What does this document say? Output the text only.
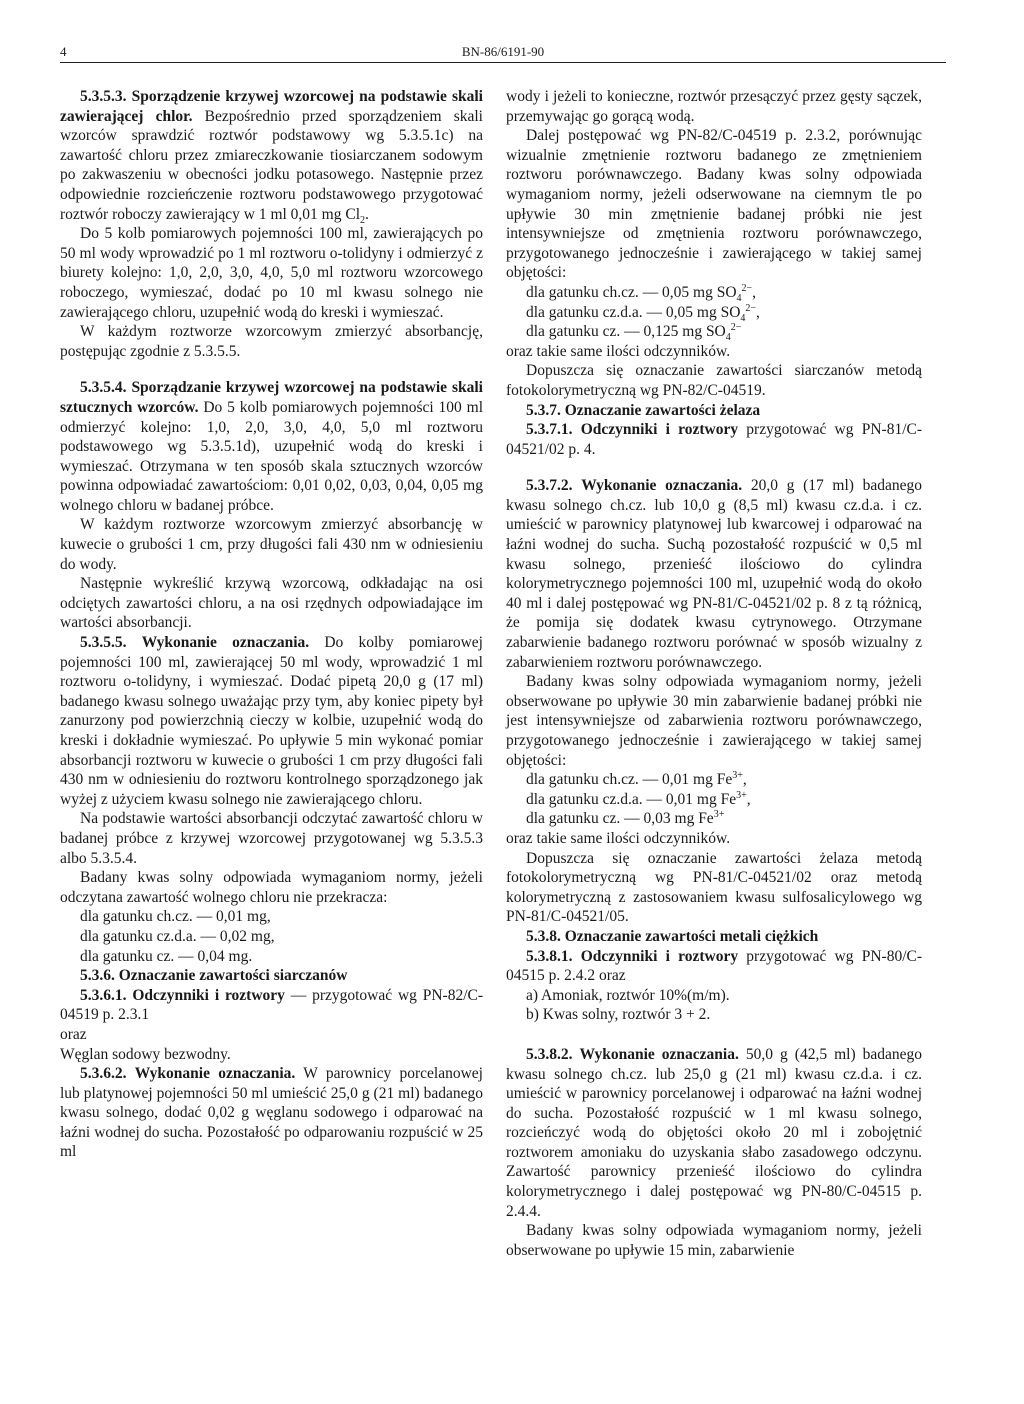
4	BN-86/6191-90

5.3.5.3. Sporządzenie krzywej wzorcowej na podstawie skali zawierającej chlor. Bezpośrednio przed sporządzeniem skali wzorców sprawdzić roztwór podstawowy wg 5.3.5.1c) na zawartość chloru przez zmiareczkowanie tiosiarczanem sodowym po zakwaszeniu w obecności jodku potasowego. Następnie przez odpowiednie rozcieńczenie roztworu podstawowego przygotować roztwór roboczy zawierający w 1 ml 0,01 mg $Cl_2$.

Do 5 kolb pomiarowych pojemności 100 ml, zawierających po 50 ml wody wprowadzić po 1 ml roztworu o-tolidyny i odmierzyć z biurety kolejno: 1,0, 2,0, 3,0, 4,0, 5,0 ml roztworu wzorcowego roboczego, wymieszać, dodać po 10 ml kwasu solnego nie zawierającego chloru, uzupełnić wodą do kreski i wymieszać.

W każdym roztworze wzorcowym zmierzyć absorbancję, postępując zgodnie z 5.3.5.5.

5.3.5.4. Sporządzanie krzywej wzorcowej na podstawie skali sztucznych wzorców. Do 5 kolb pomiarowych pojemności 100 ml odmierzyć kolejno: 1,0, 2,0, 3,0, 4,0, 5,0 ml roztworu podstawowego wg 5.3.5.1d), uzupełnić wodą do kreski i wymieszać. Otrzymana w ten sposób skala sztucznych wzorców powinna odpowiadać zawartościom: 0,01 0,02, 0,03, 0,04, 0,05 mg wolnego chloru w badanej próbce.

W każdym roztworze wzorcowym zmierzyć absorbancję w kuwecie o grubości 1 cm, przy długości fali 430 nm w odniesieniu do wody.

Następnie wykreślić krzywą wzorcową, odkładając na osi odciętych zawartości chloru, a na osi rzędnych odpowiadające im wartości absorbancji.

5.3.5.5. Wykonanie oznaczania. Do kolby pomiarowej pojemności 100 ml, zawierającej 50 ml wody, wprowadzić 1 ml roztworu o-tolidyny, i wymieszać. Dodać pipetą 20,0 g (17 ml) badanego kwasu solnego uważając przy tym, aby koniec pipety był zanurzony pod powierzchnią cieczy w kolbie, uzupełnić wodą do kreski i dokładnie wymieszać. Po upływie 5 min wykonać pomiar absorbancji roztworu w kuwecie o grubości 1 cm przy długości fali 430 nm w odniesieniu do roztworu kontrolnego sporządzonego jak wyżej z użyciem kwasu solnego nie zawierającego chloru.

Na podstawie wartości absorbancji odczytać zawartość chloru w badanej próbce z krzywej wzorcowej przygotowanej wg 5.3.5.3 albo 5.3.5.4.

Badany kwas solny odpowiada wymaganiom normy, jeżeli odczytana zawartość wolnego chloru nie przekracza:

dla gatunku ch.cz. — 0,01 mg,

dla gatunku cz.d.a. — 0,02 mg,

dla gatunku cz. — 0,04 mg.

5.3.6. Oznaczanie zawartości siarczanów

5.3.6.1. Odczynniki i roztwory — przygotować wg PN-82/C-04519 p. 2.3.1

oraz

Węglan sodowy bezwodny.

5.3.6.2. Wykonanie oznaczania. W parownicy porcelanowej lub platynowej pojemności 50 ml umieścić 25,0 g (21 ml) badanego kwasu solnego, dodać 0,02 g węglanu sodowego i odparować na łaźni wodnej do sucha. Pozostałość po odparowaniu rozpuścić w 25 ml

wody i jeżeli to konieczne, roztwór przesączyć przez gęsty sączek, przemywając go gorącą wodą.

Dalej postępować wg PN-82/C-04519 p. 2.3.2, porównując wizualnie zmętnienie roztworu badanego ze zmętnieniem roztworu porównawczego. Badany kwas solny odpowiada wymaganiom normy, jeżeli odserwowane na ciemnym tle po upływie 30 min zmętnienie badanej próbki nie jest intensywniejsze od zmętnienia roztworu porównawczego, przygotowanego jednocześnie i zawierającego w takiej samej objętości:

dla gatunku ch.cz. — 0,05 mg $SO_4^{2-}$,

dla gatunku cz.d.a. — 0,05 mg $SO_4^{2-}$,

dla gatunku cz. — 0,125 mg $SO_4^{2-}$

oraz takie same ilości odczynników.

Dopuszcza się oznaczanie zawartości siarczanów metodą fotokolorymetryczną wg PN-82/C-04519.

5.3.7. Oznaczanie zawartości żelaza

5.3.7.1. Odczynniki i roztwory przygotować wg PN-81/C-04521/02 p. 4.

5.3.7.2. Wykonanie oznaczania. 20,0 g (17 ml) badanego kwasu solnego ch.cz. lub 10,0 g (8,5 ml) kwasu cz.d.a. i cz. umieścić w parownicy platynowej lub kwarcowej i odparować na łaźni wodnej do sucha. Suchą pozostałość rozpuścić w 0,5 ml kwasu solnego, przenieść ilościowo do cylindra kolorymetrycznego pojemności 100 ml, uzupełnić wodą do około 40 ml i dalej postępować wg PN-81/C-04521/02 p. 8 z tą różnicą, że pomija się dodatek kwasu cytrynowego. Otrzymane zabarwienie badanego roztworu porównać w sposób wizualny z zabarwieniem roztworu porównawczego.

Badany kwas solny odpowiada wymaganiom normy, jeżeli obserwowane po upływie 30 min zabarwienie badanej próbki nie jest intensywniejsze od zabarwienia roztworu porównawczego, przygotowanego jednocześnie i zawierającego w takiej samej objętości:

dla gatunku ch.cz. — 0,01 mg $Fe^{3+}$,

dla gatunku cz.d.a. — 0,01 mg $Fe^{3+}$,

dla gatunku cz. — 0,03 mg $Fe^{3+}$

oraz takie same ilości odczynników.

Dopuszcza się oznaczanie zawartości żelaza metodą fotokolorymetryczną wg PN-81/C-04521/02 oraz metodą kolorymetryczną z zastosowaniem kwasu sulfosalicylowego wg PN-81/C-04521/05.

5.3.8. Oznaczanie zawartości metali ciężkich

5.3.8.1. Odczynniki i roztwory przygotować wg PN-80/C-04515 p. 2.4.2 oraz

a) Amoniak, roztwór 10%(m/m).

b) Kwas solny, roztwór 3 + 2.

5.3.8.2. Wykonanie oznaczania. 50,0 g (42,5 ml) badanego kwasu solnego ch.cz. lub 25,0 g (21 ml) kwasu cz.d.a. i cz. umieścić w parownicy porcelanowej i odparować na łaźni wodnej do sucha. Pozostałość rozpuścić w 1 ml kwasu solnego, rozcieńczyć wodą do objętości około 20 ml i zobojętnić roztworem amoniaku do uzyskania słabo zasadowego odczynu. Zawartość parownicy przenieść ilościowo do cylindra kolorymetrycznego i dalej postępować wg PN-80/C-04515 p. 2.4.4.

Badany kwas solny odpowiada wymaganiom normy, jeżeli obserwowane po upływie 15 min, zabarwienie
